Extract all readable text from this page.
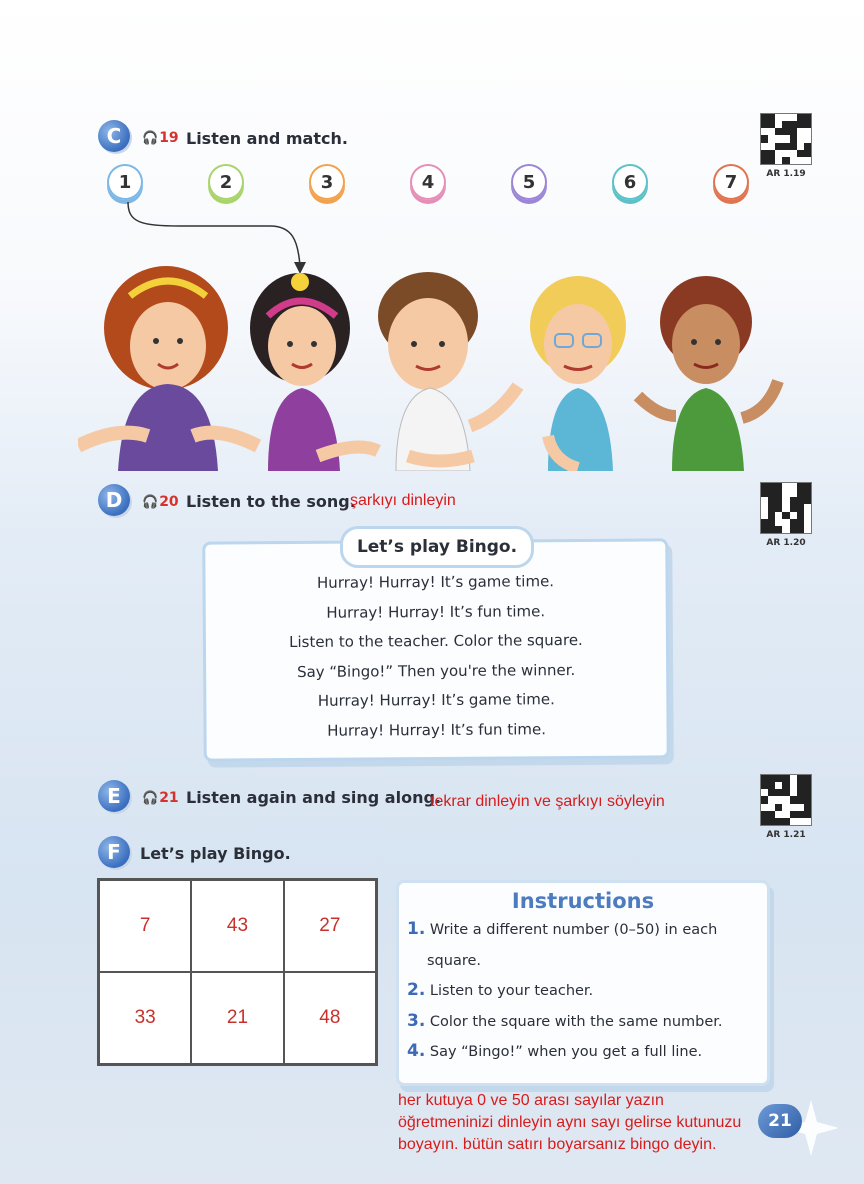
C	🎧 19 Listen and match.
AR 1.19
1	2	3	4	5	6	7
D	🎧 20 Listen to the song.
şarkıyı dinleyin
AR 1.20
Hurray! Hurray! It’s game time.
Hurray! Hurray! It’s fun time.
Listen to the teacher. Color the square.
Say “Bingo!” Then you're the winner.
Hurray! Hurray! It’s game time.
Hurray! Hurray! It’s fun time.
Let’s play Bingo.
E	🎧 21 Listen again and sing along.
tekrar dinleyin ve şarkıyı söyleyin
AR 1.21
F	Let’s play Bingo.
7	43	27
33	21	48
Instructions
1. Write a different number (0–50) in each
square.
2. Listen to your teacher.
3. Color the square with the same number.
4. Say “Bingo!” when you get a full line.
21
her kutuya 0 ve 50 arası sayılar yazın
öğretmeninizi dinleyin aynı sayı gelirse kutunuzu
boyayın. bütün satırı boyarsanız bingo deyin.
